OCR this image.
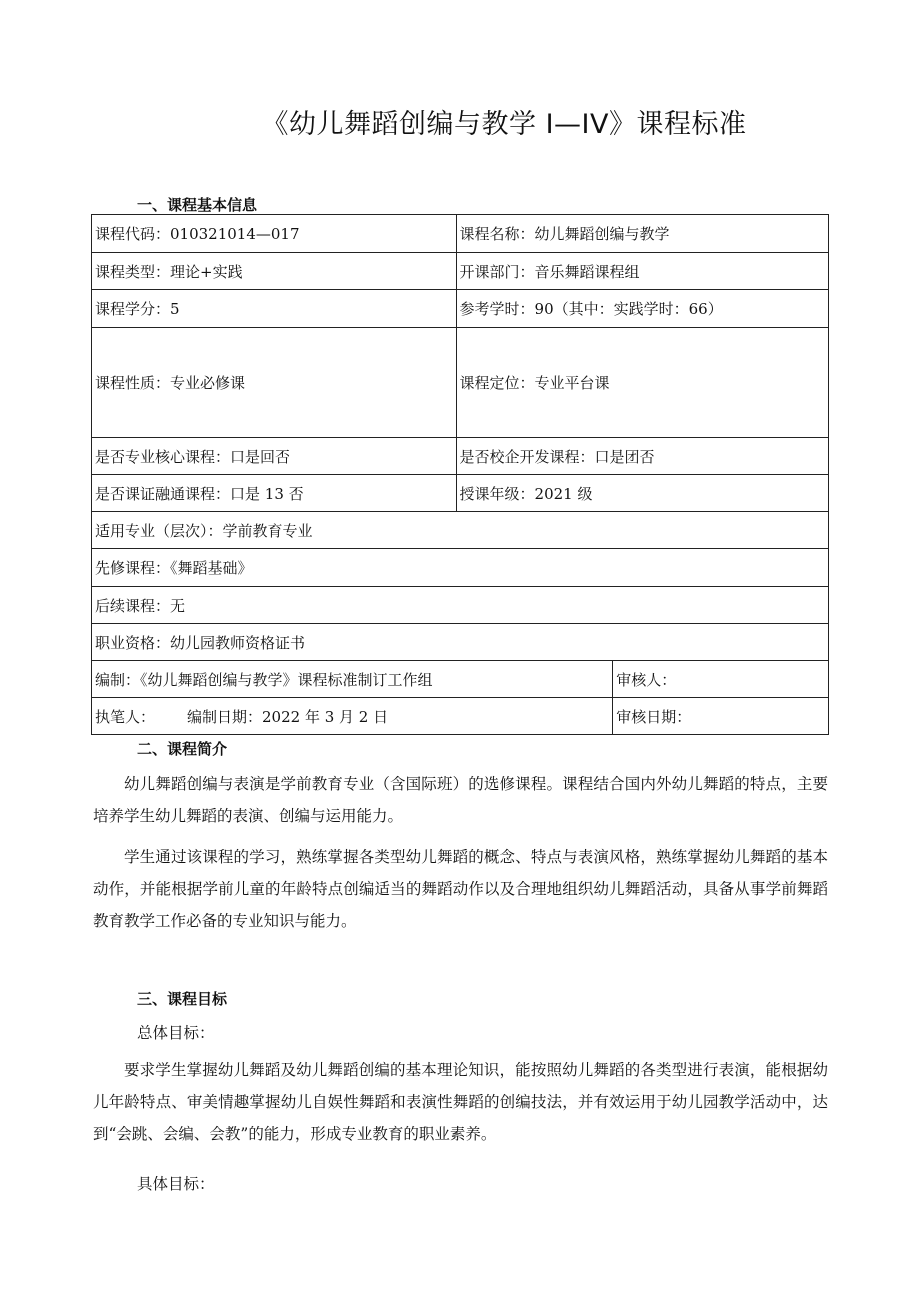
《幼儿舞蹈创编与教学 I—IV》课程标准
一、课程基本信息
课程代码：010321014—017	课程名称：幼儿舞蹈创编与教学	
课程类型：理论+实践	开课部门：音乐舞蹈课程组	
课程学分：5	参考学时：90（其中：实践学时：66）	
课程性质：专业必修课	课程定位：专业平台课	
是否专业核心课程：口是回否	是否校企开发课程：口是团否	
是否课证融通课程：口是 13 否	授课年级：2021 级	
适用专业（层次）：学前教育专业		
先修课程：《舞蹈基础》		
后续课程：无		
职业资格：幼儿园教师资格证书		
编制：《幼儿舞蹈创编与教学》课程标准制订工作组		审核人：
执笔人： 编制日期：2022 年 3 月 2 日		审核日期：
二、课程简介
幼儿舞蹈创编与表演是学前教育专业（含国际班）的选修课程。课程结合国内外幼儿舞蹈的特点，主要培养学生幼儿舞蹈的表演、创编与运用能力。
学生通过该课程的学习，熟练掌握各类型幼儿舞蹈的概念、特点与表演风格，熟练掌握幼儿舞蹈的基本动作，并能根据学前儿童的年龄特点创编适当的舞蹈动作以及合理地组织幼儿舞蹈活动，具备从事学前舞蹈教育教学工作必备的专业知识与能力。
三、课程目标
总体目标：
要求学生掌握幼儿舞蹈及幼儿舞蹈创编的基本理论知识，能按照幼儿舞蹈的各类型进行表演，能根据幼儿年龄特点、审美情趣掌握幼儿自娱性舞蹈和表演性舞蹈的创编技法，并有效运用于幼儿园教学活动中，达到“会跳、会编、会教”的能力，形成专业教育的职业素养。
具体目标：
